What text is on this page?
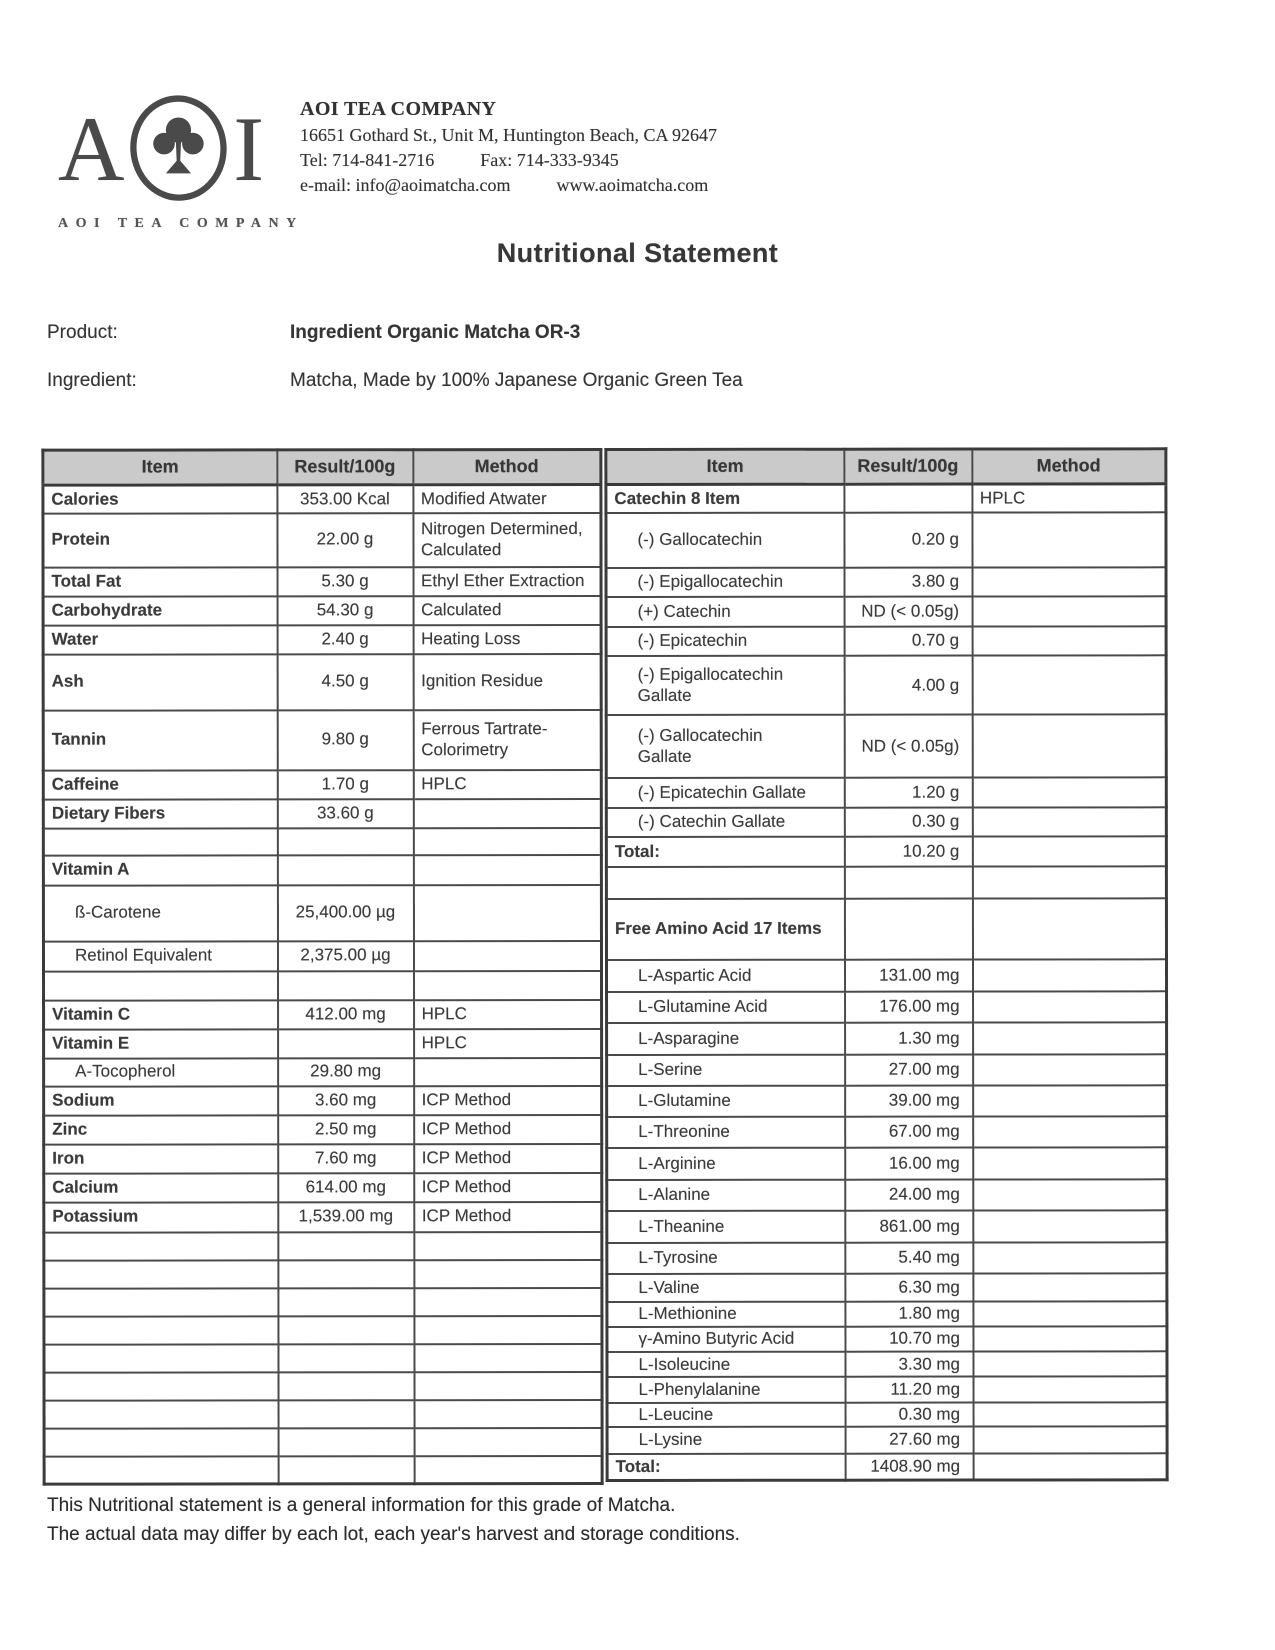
A I
AOI TEA COMPANY
AOI TEA COMPANY
16651 Gothard St., Unit M, Huntington Beach, CA 92647
Tel: 714-841-2716	Fax: 714-333-9345
e-mail: info@aoimatcha.com	www.aoimatcha.com
Nutritional Statement
Product:	Ingredient Organic Matcha OR-3
Ingredient:	Matcha, Made by 100% Japanese Organic Green Tea
Item	Result/100g	Method
Calories	353.00 Kcal	Modified Atwater
Protein	22.00 g	Nitrogen Determined,
Calculated
Total Fat	5.30 g	Ethyl Ether Extraction
Carbohydrate	54.30 g	Calculated
Water	2.40 g	Heating Loss
Ash	4.50 g	Ignition Residue
Tannin	9.80 g	Ferrous Tartrate-
Colorimetry
Caffeine	1.70 g	HPLC
Dietary Fibers	33.60 g	

Vitamin A		
ß-Carotene	25,400.00 µg	
Retinol Equivalent	2,375.00 µg	

Vitamin C	412.00 mg	HPLC
Vitamin E		HPLC
A-Tocopherol	29.80 mg	
Sodium	3.60 mg	ICP Method
Zinc	2.50 mg	ICP Method
Iron	7.60 mg	ICP Method
Calcium	614.00 mg	ICP Method
Potassium	1,539.00 mg	ICP Method

Item	Result/100g	Method
Catechin 8 Item		HPLC
(-) Gallocatechin	0.20 g	
(-) Epigallocatechin	3.80 g	
(+) Catechin	ND (< 0.05g)	
(-) Epicatechin	0.70 g	
(-) Epigallocatechin
Gallate	4.00 g	
(-) Gallocatechin
Gallate	ND (< 0.05g)	
(-) Epicatechin Gallate	1.20 g	
(-) Catechin Gallate	0.30 g	
Total:	10.20 g	

Free Amino Acid 17 Items		
L-Aspartic Acid	131.00 mg	
L-Glutamine Acid	176.00 mg	
L-Asparagine	1.30 mg	
L-Serine	27.00 mg	
L-Glutamine	39.00 mg	
L-Threonine	67.00 mg	
L-Arginine	16.00 mg	
L-Alanine	24.00 mg	
L-Theanine	861.00 mg	
L-Tyrosine	5.40 mg	
L-Valine	6.30 mg	
L-Methionine	1.80 mg	
γ-Amino Butyric Acid	10.70 mg	
L-Isoleucine	3.30 mg	
L-Phenylalanine	11.20 mg	
L-Leucine	0.30 mg	
L-Lysine	27.60 mg	
Total:	1408.90 mg	
This Nutritional statement is a general information for this grade of Matcha.
The actual data may differ by each lot, each year's harvest and storage conditions.
